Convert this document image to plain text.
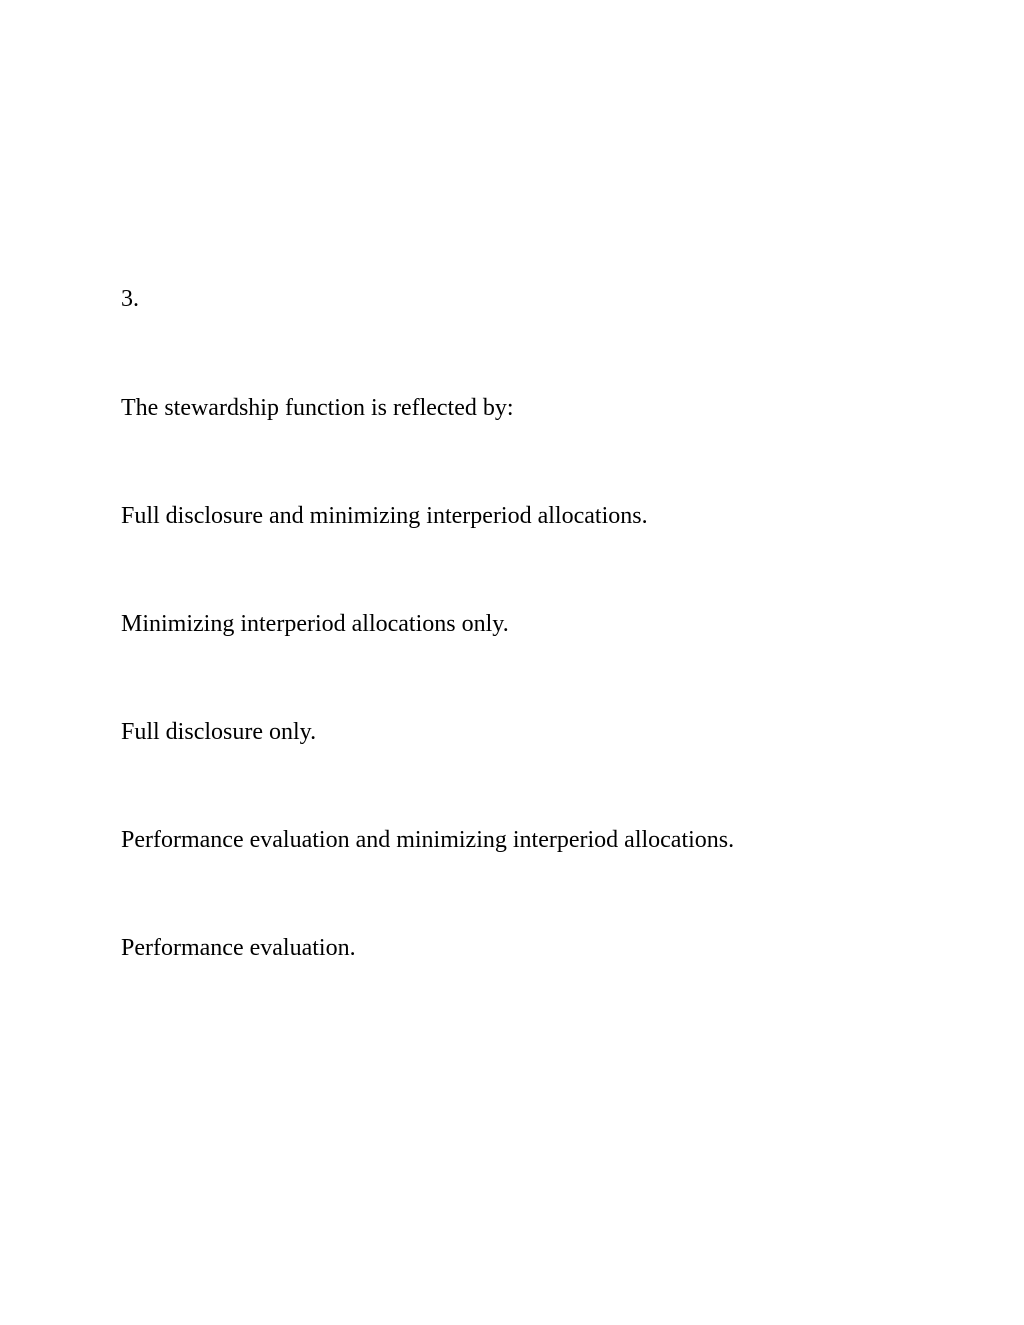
3.
The stewardship function is reflected by:
Full disclosure and minimizing interperiod allocations.
Minimizing interperiod allocations only.
Full disclosure only.
Performance evaluation and minimizing interperiod allocations.
Performance evaluation.
